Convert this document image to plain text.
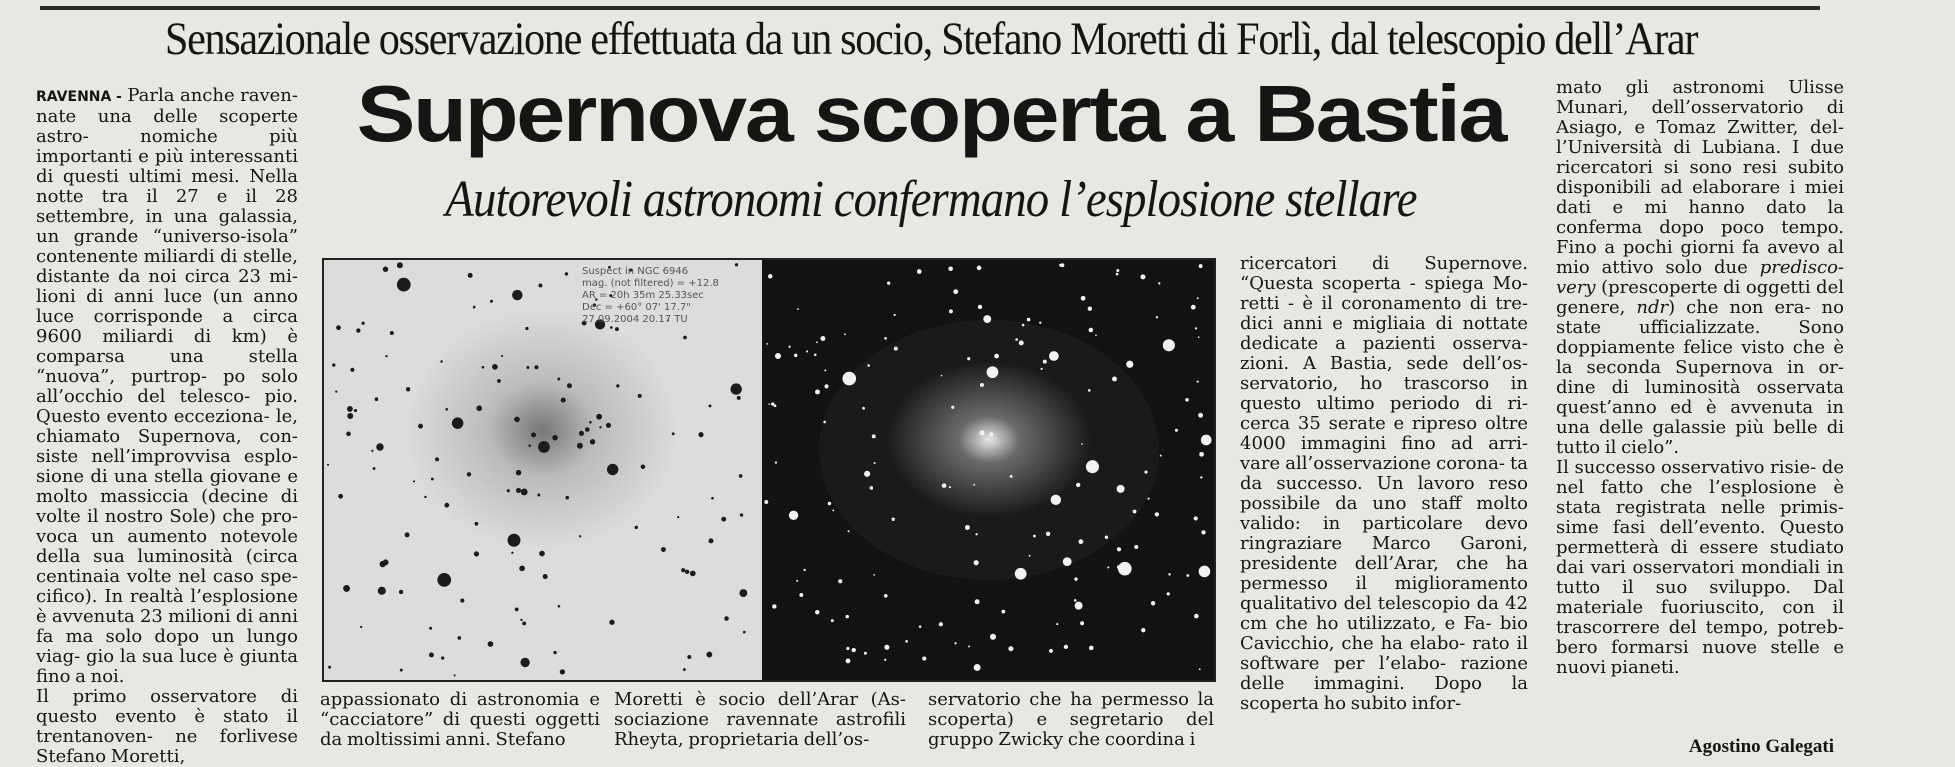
Sensazionale osservazione effettuata da un socio, Stefano Moretti di Forlì, dal telescopio dell’Arar
Supernova scoperta a Bastia
Autorevoli astronomi confermano l’esplosione stellare

RAVENNA - Parla anche raven- nate una delle scoperte astro- nomiche più importanti e più interessanti di questi ultimi mesi. Nella notte tra il 27 e il 28 settembre, in una galassia, un grande “universo-isola” contenente miliardi di stelle, distante da noi circa 23 mi- lioni di anni luce (un anno luce corrisponde a circa 9600 miliardi di km) è comparsa una stella “nuova”, purtrop- po solo all’occhio del telesco- pio. Questo evento eccezionа- le, chiamato Supernova, con- siste nell’improvvisa esplo- sione di una stella giovane e molto massiccia (decine di volte il nostro Sole) che pro- voca un aumento notevole della sua luminosità (circa centinaia volte nel caso spe- cifico). In realtà l’esplosione è avvenuta 23 milioni di anni fa ma solo dopo un lungo viag- gio la sua luce è giunta fino a noi.

Il primo osservatore di questo evento è stato il trentanoven- ne forlivese Stefano Moretti,

Suspect in NGC 6946
mag. (not filtered) = +12.8
AR = 20h 35m 25.33sec
Dec = +60° 07' 17.7"
27.09.2004 20.17 TU

appassionato di astronomia e “cacciatore” di questi oggetti da moltissimi anni. Stefano

Moretti è socio dell’Arar (As- sociazione ravennate astrofili Rheyta, proprietaria dell’os-

servatorio che ha permesso la scoperta) e segretario del gruppo Zwicky che coordina i

ricercatori di Supernove. “Questa scoperta - spiega Mo- retti - è il coronamento di tre- dici anni e migliaia di nottate dedicate a pazienti osserva- zioni. A Bastia, sede dell’os- servatorio, ho trascorso in questo ultimo periodo di ri- cerca 35 serate e ripreso oltre 4000 immagini fino ad arri- vare all’osservazione corona- ta da successo. Un lavoro reso possibile da uno staff molto valido: in particolare devo ringraziare Marco Garoni, presidente dell’Arar, che ha permesso il miglioramento qualitativo del telescopio da 42 cm che ho utilizzato, e Fa- bio Cavicchio, che ha elabo- rato il software per l’elabo- razione delle immagini. Dopo la scoperta ho subito infor-

mato gli astronomi Ulisse Munari, dell’osservatorio di Asiago, e Tomaz Zwitter, del- l’Università di Lubiana. I due ricercatori si sono resi subito disponibili ad elaborare i miei dati e mi hanno dato la conferma dopo poco tempo. Fino a pochi giorni fa avevo al mio attivo solo due predisco- very (prescoperte di oggetti del genere, ndr) che non era- no state ufficializzate. Sono doppiamente felice visto che è la seconda Supernova in or- dine di luminosità osservata quest’anno ed è avvenuta in una delle galassie più belle di tutto il cielo”.

Il successo osservativo risie- de nel fatto che l’esplosione è stata registrata nelle primis- sime fasi dell’evento. Questo permetterà di essere studiato dai vari osservatori mondiali in tutto il suo sviluppo. Dal materiale fuoriuscito, con il trascorrere del tempo, potreb- bero formarsi nuove stelle e nuovi pianeti.

Agostino Galegati
